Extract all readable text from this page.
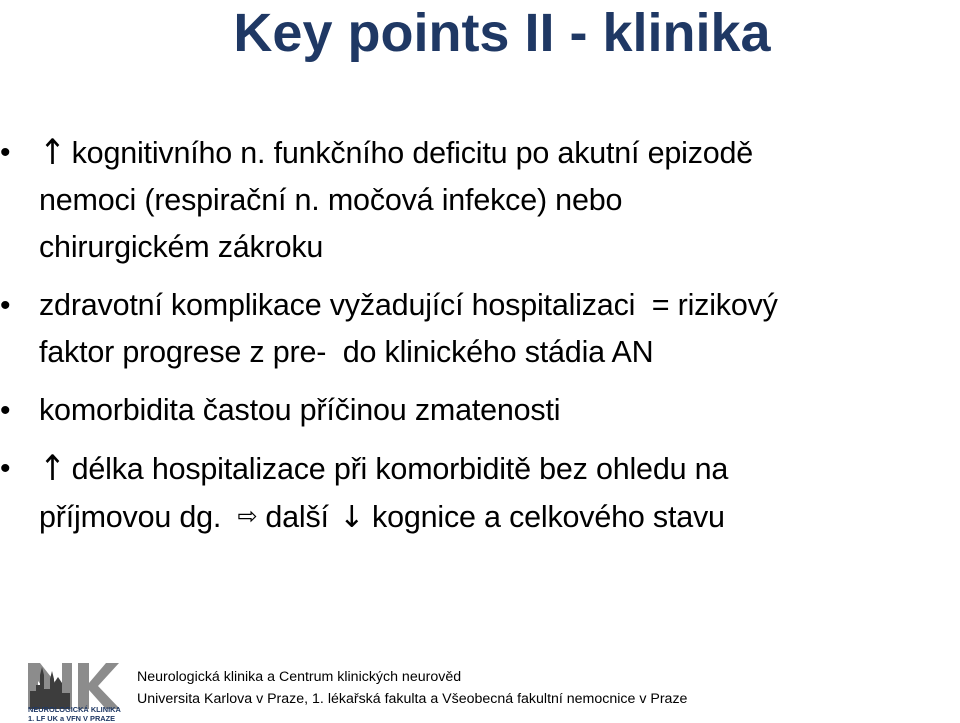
Key points II - klinika
• ↑ kognitivního n. funkčního deficitu po akutní epizodě
nemoci (respirační n. močová infekce) nebo
chirurgickém zákroku
• zdravotní komplikace vyžadující hospitalizaci  = rizikový
faktor progrese z pre-  do klinického stádia AN
• komorbidita častou příčinou zmatenosti
• ↑ délka hospitalizace při komorbiditě bez ohledu na
příjmovou dg. ⇨ další ↓ kognice a celkového stavu
NEUROLOGICKÁ KLINIKA
1. LF UK a VFN V PRAZE
Neurologická klinika a Centrum klinických neurověd
Universita Karlova v Praze, 1. lékařská fakulta a Všeobecná fakultní nemocnice v Praze
